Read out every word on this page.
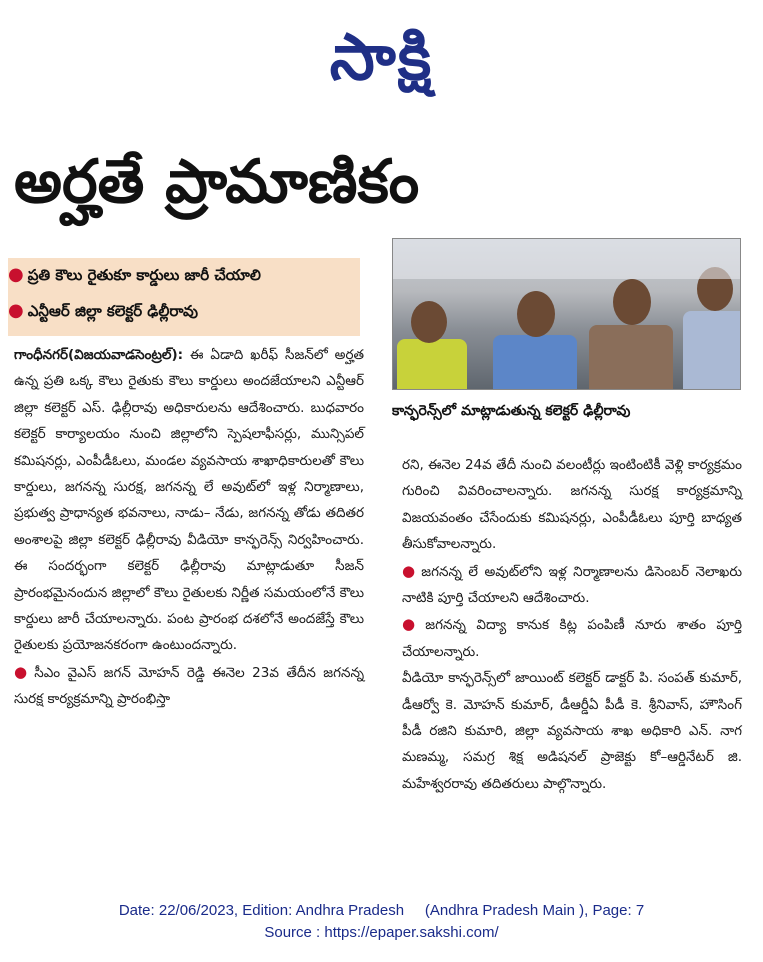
సాక్షి
అర్హతే ప్రామాణికం
● ప్రతి కౌలు రైతుకూ కార్డులు జారీ చేయాలి
● ఎన్టీఆర్ జిల్లా కలెక్టర్ ఢిల్లీరావు
కాన్ఫరెన్స్‌లో మాట్లాడుతున్న కలెక్టర్ ఢిల్లీరావు

గాంధీనగర్(విజయవాడసెంట్రల్): ఈ ఏడాది ఖరీఫ్ సీజన్‌లో అర్హత ఉన్న ప్రతి ఒక్క కౌలు రైతుకు కౌలు కార్డులు అందజేయాలని ఎన్టీఆర్ జిల్లా కలెక్టర్ ఎస్. ఢిల్లీరావు అధికారులను ఆదేశించారు. బుధవారం కలెక్టర్ కార్యాలయం నుంచి జిల్లాలోని స్పెషలాఫీసర్లు, మున్సిపల్ కమిషనర్లు, ఎంపీడీఓలు, మండల వ్యవసాయ శాఖాధికారులతో కౌలు కార్డులు, జగనన్న సురక్ష, జగనన్న లే అవుట్‌లో ఇళ్ల నిర్మాణాలు, ప్రభుత్వ ప్రాధాన్యత భవనాలు, నాడు– నేడు, జగనన్న తోడు తదితర అంశాలపై జిల్లా కలెక్టర్ ఢిల్లీరావు వీడియో కాన్ఫరెన్స్ నిర్వహించారు. ఈ సందర్భంగా కలెక్టర్ ఢిల్లీరావు మాట్లాడుతూ సీజన్ ప్రారంభమైనందున జిల్లాలో కౌలు రైతులకు నిర్ణీత సమయంలోనే కౌలు కార్డులు జారీ చేయాలన్నారు. పంట ప్రారంభ దశలోనే అందజేస్తే కౌలు రైతులకు ప్రయోజనకరంగా ఉంటుందన్నారు.

● సీఎం వైఎస్ జగన్ మోహన్ రెడ్డి ఈనెల 23వ తేదీన జగనన్న సురక్ష కార్యక్రమాన్ని ప్రారంభిస్తా

రని, ఈనెల 24వ తేదీ నుంచి వలంటీర్లు ఇంటింటికీ వెళ్లి కార్యక్రమం గురించి వివరించాలన్నారు. జగనన్న సురక్ష కార్యక్రమాన్ని విజయవంతం చేసేందుకు కమిషనర్లు, ఎంపీడీఓలు పూర్తి బాధ్యత తీసుకోవాలన్నారు.

● జగనన్న లే అవుట్‌లోని ఇళ్ల నిర్మాణాలను డిసెంబర్ నెలాఖరు నాటికి పూర్తి చేయాలని ఆదేశించారు.

● జగనన్న విద్యా కానుక కిట్ల పంపిణీ నూరు శాతం పూర్తి చేయాలన్నారు.

వీడియో కాన్ఫరెన్స్‌లో జాయింట్ కలెక్టర్ డాక్టర్ పి. సంపత్ కుమార్, డీఆర్వో కె. మోహన్ కుమార్, డీఆర్డీఏ పీడీ కె. శ్రీనివాస్, హౌసింగ్ పీడీ రజిని కుమారి, జిల్లా వ్యవసాయ శాఖ అధికారి ఎన్. నాగ మణమ్మ, సమగ్ర శిక్ష అడిషనల్ ప్రాజెక్టు కో–ఆర్డినేటర్ జి. మహేశ్వరరావు తదితరులు పాల్గొన్నారు.

Date: 22/06/2023, Edition: Andhra Pradesh     (Andhra Pradesh Main ), Page: 7
Source : https://epaper.sakshi.com/
